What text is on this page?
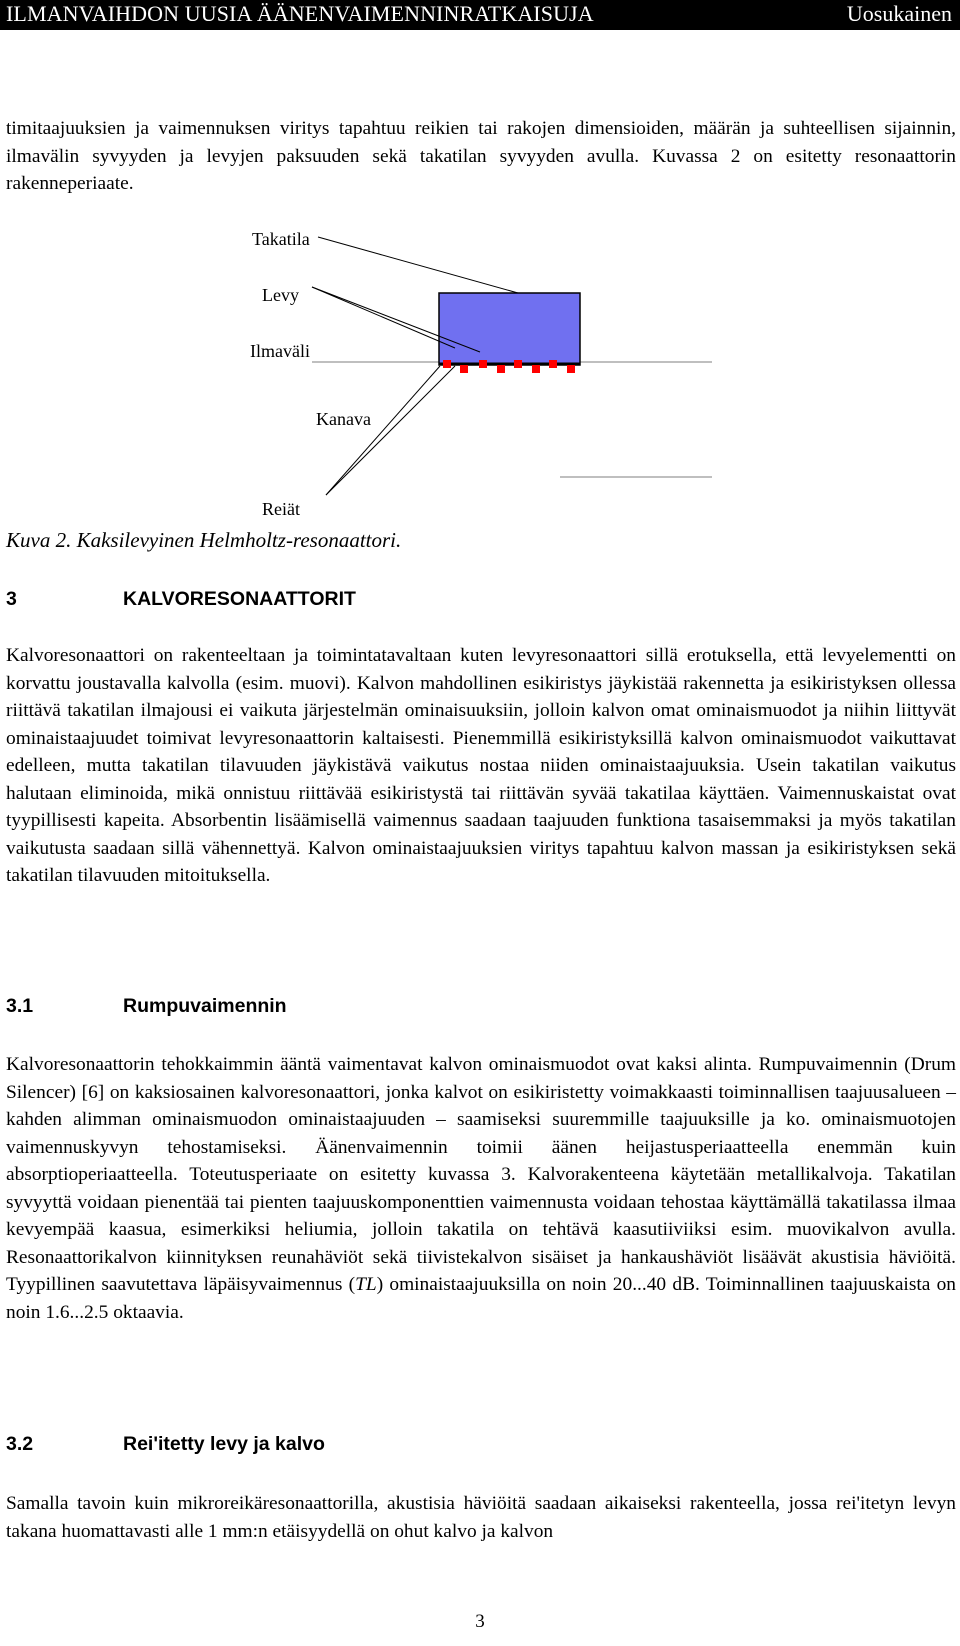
ILMANVAIHDON UUSIA ÄÄNENVAIMENNINRATKAISUJA	Uosukainen

timitaajuuksien ja vaimennuksen viritys tapahtuu reikien tai rakojen dimensioiden, määrän ja suhteellisen sijainnin, ilmavälin syvyyden ja levyjen paksuuden sekä takatilan syvyyden avulla. Kuvassa 2 on esitetty resonaattorin rakenneperiaate.

Takatila
Levy
Ilmaväli
Kanava
Reiät
Kuva 2. Kaksilevyinen Helmholtz-resonaattori.
3	KALVORESONAATTORIT

Kalvoresonaattori on rakenteeltaan ja toimintatavaltaan kuten levyresonaattori sillä erotuksella, että levyelementti on korvattu joustavalla kalvolla (esim. muovi). Kalvon mahdollinen esikiristys jäykistää rakennetta ja esikiristyksen ollessa riittävä takatilan ilmajousi ei vaikuta järjestelmän ominaisuuksiin, jolloin kalvon omat ominaismuodot ja niihin liittyvät ominaistaajuudet toimivat levyresonaattorin kaltaisesti. Pienemmillä esikiristyksillä kalvon ominaismuodot vaikuttavat edelleen, mutta takatilan tilavuuden jäykistävä vaikutus nostaa niiden ominaistaajuuksia. Usein takatilan vaikutus halutaan eliminoida, mikä onnistuu riittävää esikiristystä tai riittävän syvää takatilaa käyttäen. Vaimennuskaistat ovat tyypillisesti kapeita. Absorbentin lisäämisellä vaimennus saadaan taajuuden funktiona tasaisemmaksi ja myös takatilan vaikutusta saadaan sillä vähennettyä. Kalvon ominaistaajuuksien viritys tapahtuu kalvon massan ja esikiristyksen sekä takatilan tilavuuden mitoituksella.

3.1	Rumpuvaimennin

Kalvoresonaattorin tehokkaimmin ääntä vaimentavat kalvon ominaismuodot ovat kaksi alinta. Rumpuvaimennin (Drum Silencer) [6] on kaksiosainen kalvoresonaattori, jonka kalvot on esikiristetty voimakkaasti toiminnallisen taajuusalueen – kahden alimman ominaismuodon ominaistaajuuden – saamiseksi suuremmille taajuuksille ja ko. ominaismuotojen vaimennuskyvyn tehostamiseksi. Äänenvaimennin toimii äänen heijastusperiaatteella enemmän kuin absorptioperiaatteella. Toteutusperiaate on esitetty kuvassa 3. Kalvorakenteena käytetään metallikalvoja. Takatilan syvyyttä voidaan pienentää tai pienten taajuuskomponenttien vaimennusta voidaan tehostaa käyttämällä takatilassa ilmaa kevyempää kaasua, esimerkiksi heliumia, jolloin takatila on tehtävä kaasutiiviiksi esim. muovikalvon avulla. Resonaattorikalvon kiinnityksen reunahäviöt sekä tiivistekalvon sisäiset ja hankaushäviöt lisäävät akustisia häviöitä. Tyypillinen saavutettava läpäisyvaimennus (TL) ominaistaajuuksilla on noin 20...40 dB. Toiminnallinen taajuuskaista on noin 1.6...2.5 oktaavia.

3.2	Rei'itetty levy ja kalvo

Samalla tavoin kuin mikroreikäresonaattorilla, akustisia häviöitä saadaan aikaiseksi rakenteella, jossa rei'itetyn levyn takana huomattavasti alle 1 mm:n etäisyydellä on ohut kalvo ja kalvon

3
